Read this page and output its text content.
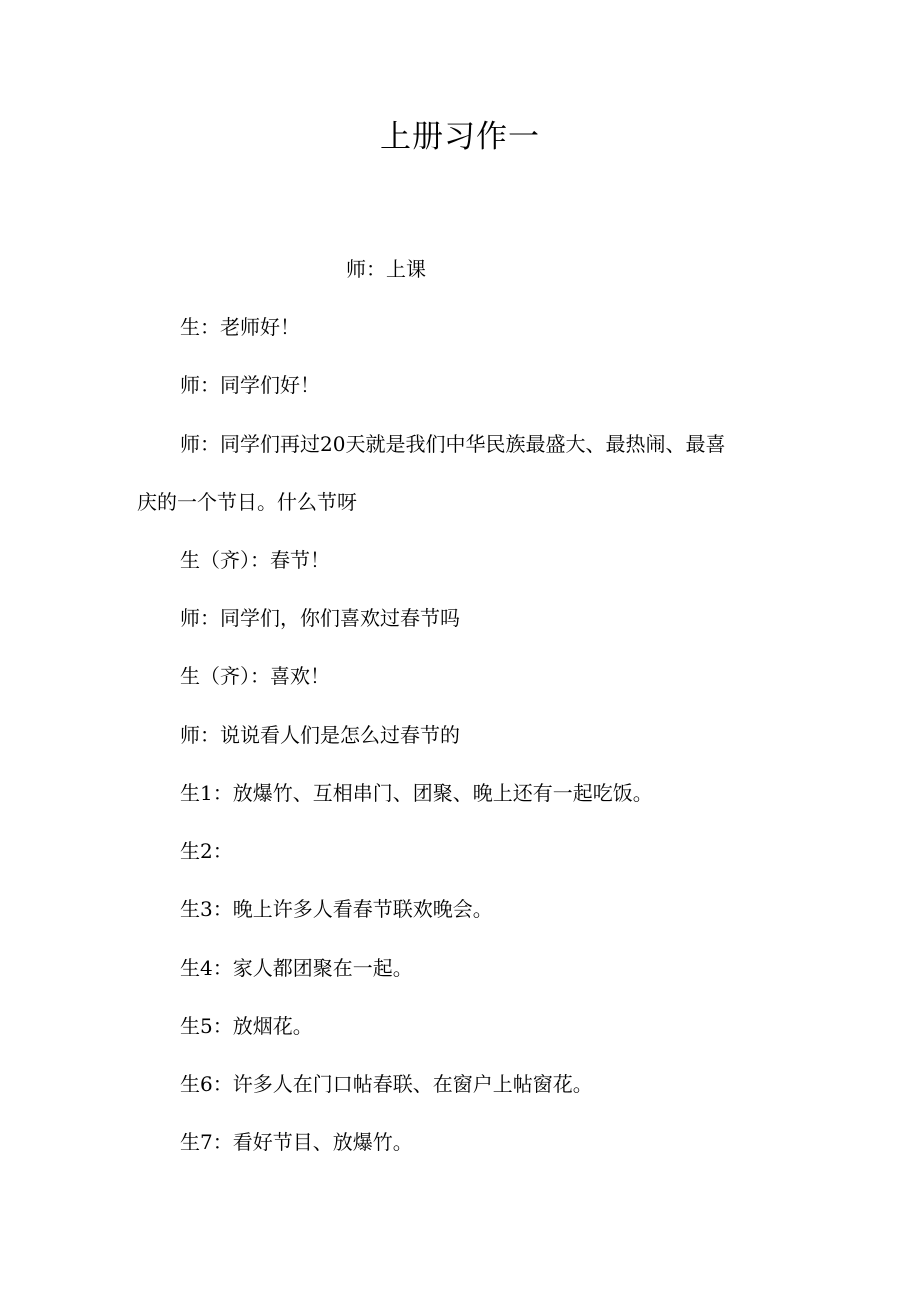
上册习作一
师：上课
生：老师好！
师：同学们好！
师：同学们再过20天就是我们中华民族最盛大、最热闹、最喜
庆的一个节日。什么节呀
生（齐）：春节！
师：同学们，你们喜欢过春节吗
生（齐）：喜欢！
师：说说看人们是怎么过春节的
生1：放爆竹、互相串门、团聚、晚上还有一起吃饭。
生2：
生3：晚上许多人看春节联欢晚会。
生4：家人都团聚在一起。
生5：放烟花。
生6：许多人在门口帖春联、在窗户上帖窗花。
生7：看好节目、放爆竹。
